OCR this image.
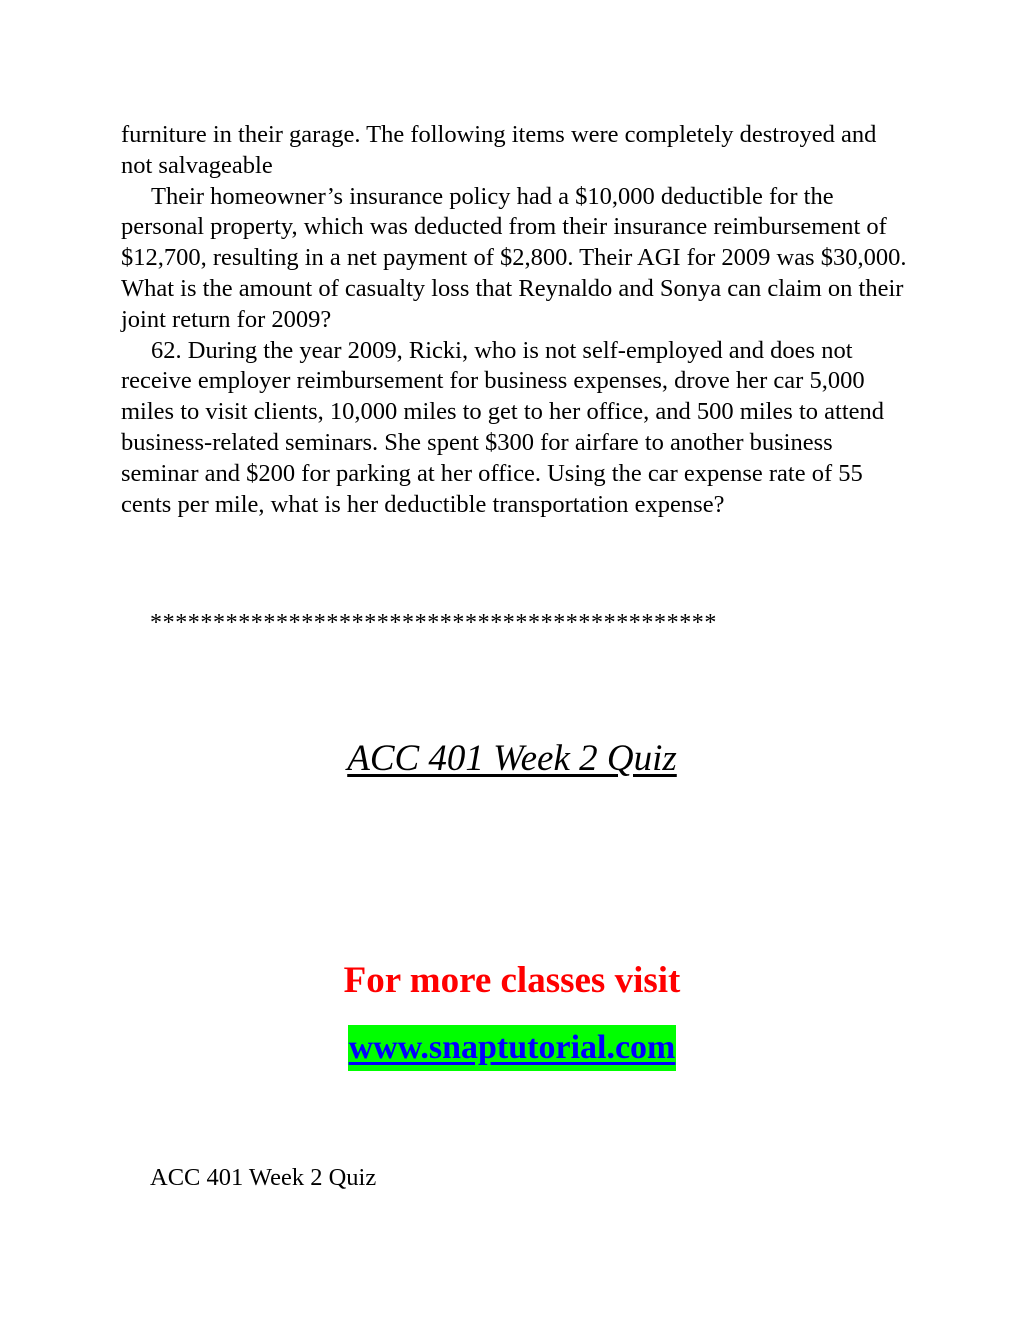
furniture in their garage. The following items were completely destroyed and not salvageable

Their homeowner’s insurance policy had a $10,000 deductible for the personal property, which was deducted from their insurance reimbursement of $12,700, resulting in a net payment of $2,800. Their AGI for 2009 was $30,000. What is the amount of casualty loss that Reynaldo and Sonya can claim on their joint return for 2009?

62. During the year 2009, Ricki, who is not self-employed and does not receive employer reimbursement for business expenses, drove her car 5,000 miles to visit clients, 10,000 miles to get to her office, and 500 miles to attend business-related seminars. She spent $300 for airfare to another business seminar and $200 for parking at her office. Using the car expense rate of 55 cents per mile, what is her deductible transportation expense?

*********************************************
ACC 401 Week 2 Quiz
For more classes visit
www.snaptutorial.com
ACC 401 Week 2 Quiz
